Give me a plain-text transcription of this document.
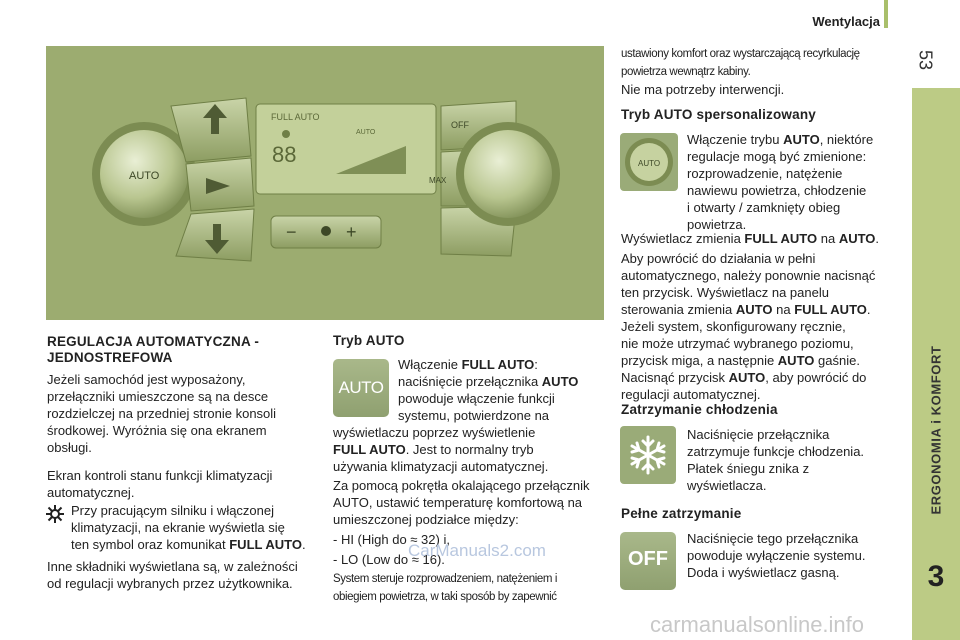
Wentylacja
53
ERGONOMIA i KOMFORT
3
88
FULL AUTO
AUTO
OFF
MAX
AUTO
−	+
REGULACJA AUTOMATYCZNA -
JEDNOSTREFOWA
Jeżeli samochód jest wyposażony,
przełączniki umieszczone są na desce
rozdzielczej na przedniej stronie konsoli
środkowej. Wyróżnia się ona ekranem
obsługi.
Ekran kontroli stanu funkcji klimatyzacji
automatycznej.
Przy pracującym silniku i włączonej
klimatyzacji, na ekranie wyświetla się
ten symbol oraz komunikat FULL AUTO.
Inne składniki wyświetlana są, w zależności
od regulacji wybranych przez użytkownika.
Tryb AUTO
AUTO
Włączenie FULL AUTO:
naciśnięcie przełącznika AUTO
powoduje włączenie funkcji
systemu, potwierdzone na
wyświetlaczu poprzez wyświetlenie
FULL AUTO. Jest to normalny tryb
używania klimatyzacji automatycznej.
Za pomocą pokrętła okalającego przełącznik
AUTO, ustawić temperaturę komfortową na
umieszczonej podziałce między:
- HI (High do ≈ 32) i,
- LO (Low do ≈ 16).
CarManuals2.com
System steruje rozprowadzeniem, natężeniem i
obiegiem powietrza, w taki sposób by zapewnić
ustawiony komfort oraz wystarczającą recyrkulację
powietrza wewnątrz kabiny.
Nie ma potrzeby interwencji.
Tryb AUTO spersonalizowany
AUTO
Włączenie trybu AUTO, niektóre
regulacje mogą być zmienione:
rozprowadzenie, natężenie
nawiewu powietrza, chłodzenie
i otwarty / zamknięty obieg
powietrza.
Wyświetlacz zmienia FULL AUTO na AUTO.
Aby powrócić do działania w pełni
automatycznego, należy ponownie nacisnąć
ten przycisk. Wyświetlacz na panelu
sterowania zmienia AUTO na FULL AUTO.
Jeżeli system, skonfigurowany ręcznie,
nie może utrzymać wybranego poziomu,
przycisk miga, a następnie AUTO gaśnie.
Nacisnąć przycisk AUTO, aby powrócić do
regulacji automatycznej.
Zatrzymanie chłodzenia
Naciśnięcie przełącznika
zatrzymuje funkcje chłodzenia.
Płatek śniegu znika z
wyświetlacza.
Pełne zatrzymanie
OFF
Naciśnięcie tego przełącznika
powoduje wyłączenie systemu.
Doda i wyświetlacz gasną.
carmanualsonline.info
